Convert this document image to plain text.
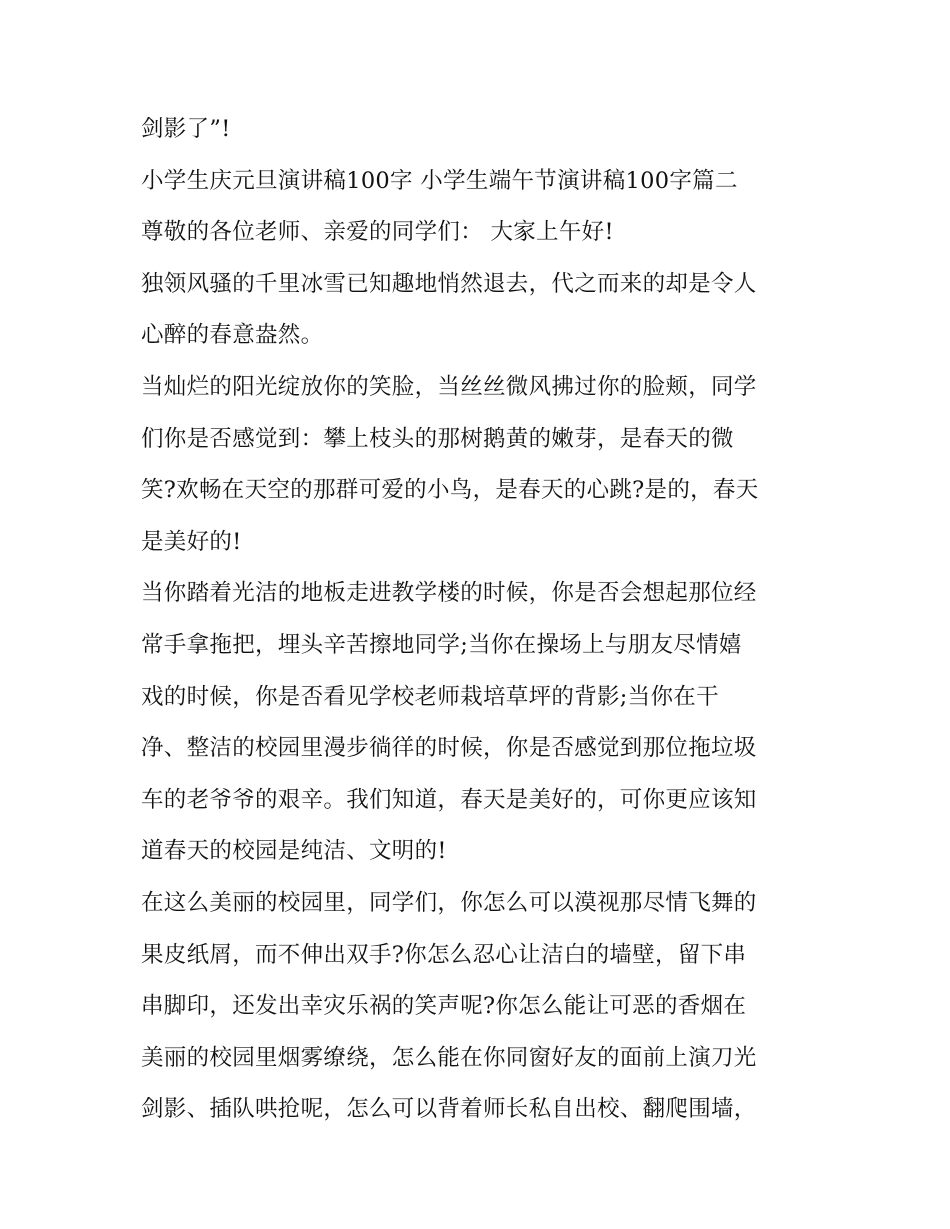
剑影了”!
小学生庆元旦演讲稿100字 小学生端午节演讲稿100字篇二
尊敬的各位老师、亲爱的同学们： 大家上午好!
独领风骚的千里冰雪已知趣地悄然退去，代之而来的却是令人
心醉的春意盎然。
当灿烂的阳光绽放你的笑脸，当丝丝微风拂过你的脸颊，同学
们你是否感觉到：攀上枝头的那树鹅黄的嫩芽，是春天的微
笑?欢畅在天空的那群可爱的小鸟，是春天的心跳?是的，春天
是美好的!
当你踏着光洁的地板走进教学楼的时候，你是否会想起那位经
常手拿拖把，埋头辛苦擦地同学;当你在操场上与朋友尽情嬉
戏的时候，你是否看见学校老师栽培草坪的背影;当你在干
净、整洁的校园里漫步徜徉的时候，你是否感觉到那位拖垃圾
车的老爷爷的艰辛。我们知道，春天是美好的，可你更应该知
道春天的校园是纯洁、文明的!
在这么美丽的校园里，同学们，你怎么可以漠视那尽情飞舞的
果皮纸屑，而不伸出双手?你怎么忍心让洁白的墙壁，留下串
串脚印，还发出幸灾乐祸的笑声呢?你怎么能让可恶的香烟在
美丽的校园里烟雾缭绕，怎么能在你同窗好友的面前上演刀光
剑影、插队哄抢呢，怎么可以背着师长私自出校、翻爬围墙，
